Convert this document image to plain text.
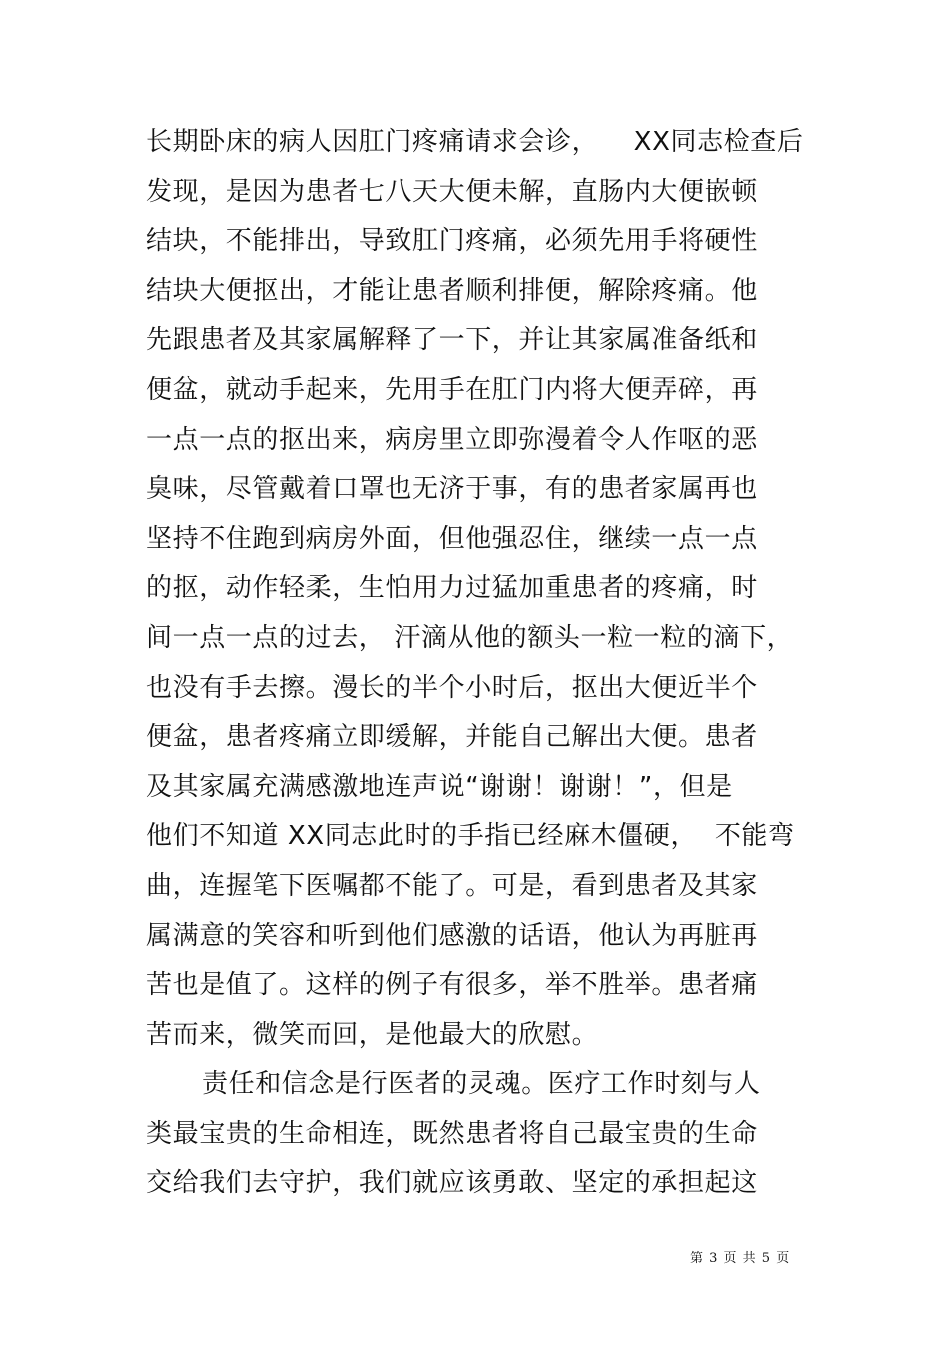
长期卧床的病人因肛门疼痛请求会诊，    XX同志检查后
发现，是因为患者七八天大便未解，直肠内大便嵌顿
结块，不能排出，导致肛门疼痛，必须先用手将硬性
结块大便抠出，才能让患者顺利排便，解除疼痛。他
先跟患者及其家属解释了一下，并让其家属准备纸和
便盆，就动手起来，先用手在肛门内将大便弄碎，再
一点一点的抠出来，病房里立即弥漫着令人作呕的恶
臭味，尽管戴着口罩也无济于事，有的患者家属再也
坚持不住跑到病房外面，但他强忍住，继续一点一点
的抠，动作轻柔，生怕用力过猛加重患者的疼痛，时
间一点一点的过去， 汗滴从他的额头一粒一粒的滴下，
也没有手去擦。漫长的半个小时后，抠出大便近半个
便盆，患者疼痛立即缓解，并能自己解出大便。患者
及其家属充满感激地连声说“谢谢！谢谢！”，但是
他们不知道 XX同志此时的手指已经麻木僵硬，  不能弯
曲，连握笔下医嘱都不能了。可是，看到患者及其家
属满意的笑容和听到他们感激的话语，他认为再脏再
苦也是值了。这样的例子有很多，举不胜举。患者痛
苦而来，微笑而回，是他最大的欣慰。
责任和信念是行医者的灵魂。医疗工作时刻与人
类最宝贵的生命相连，既然患者将自己最宝贵的生命
交给我们去守护，我们就应该勇敢、坚定的承担起这
第 3 页 共 5 页
